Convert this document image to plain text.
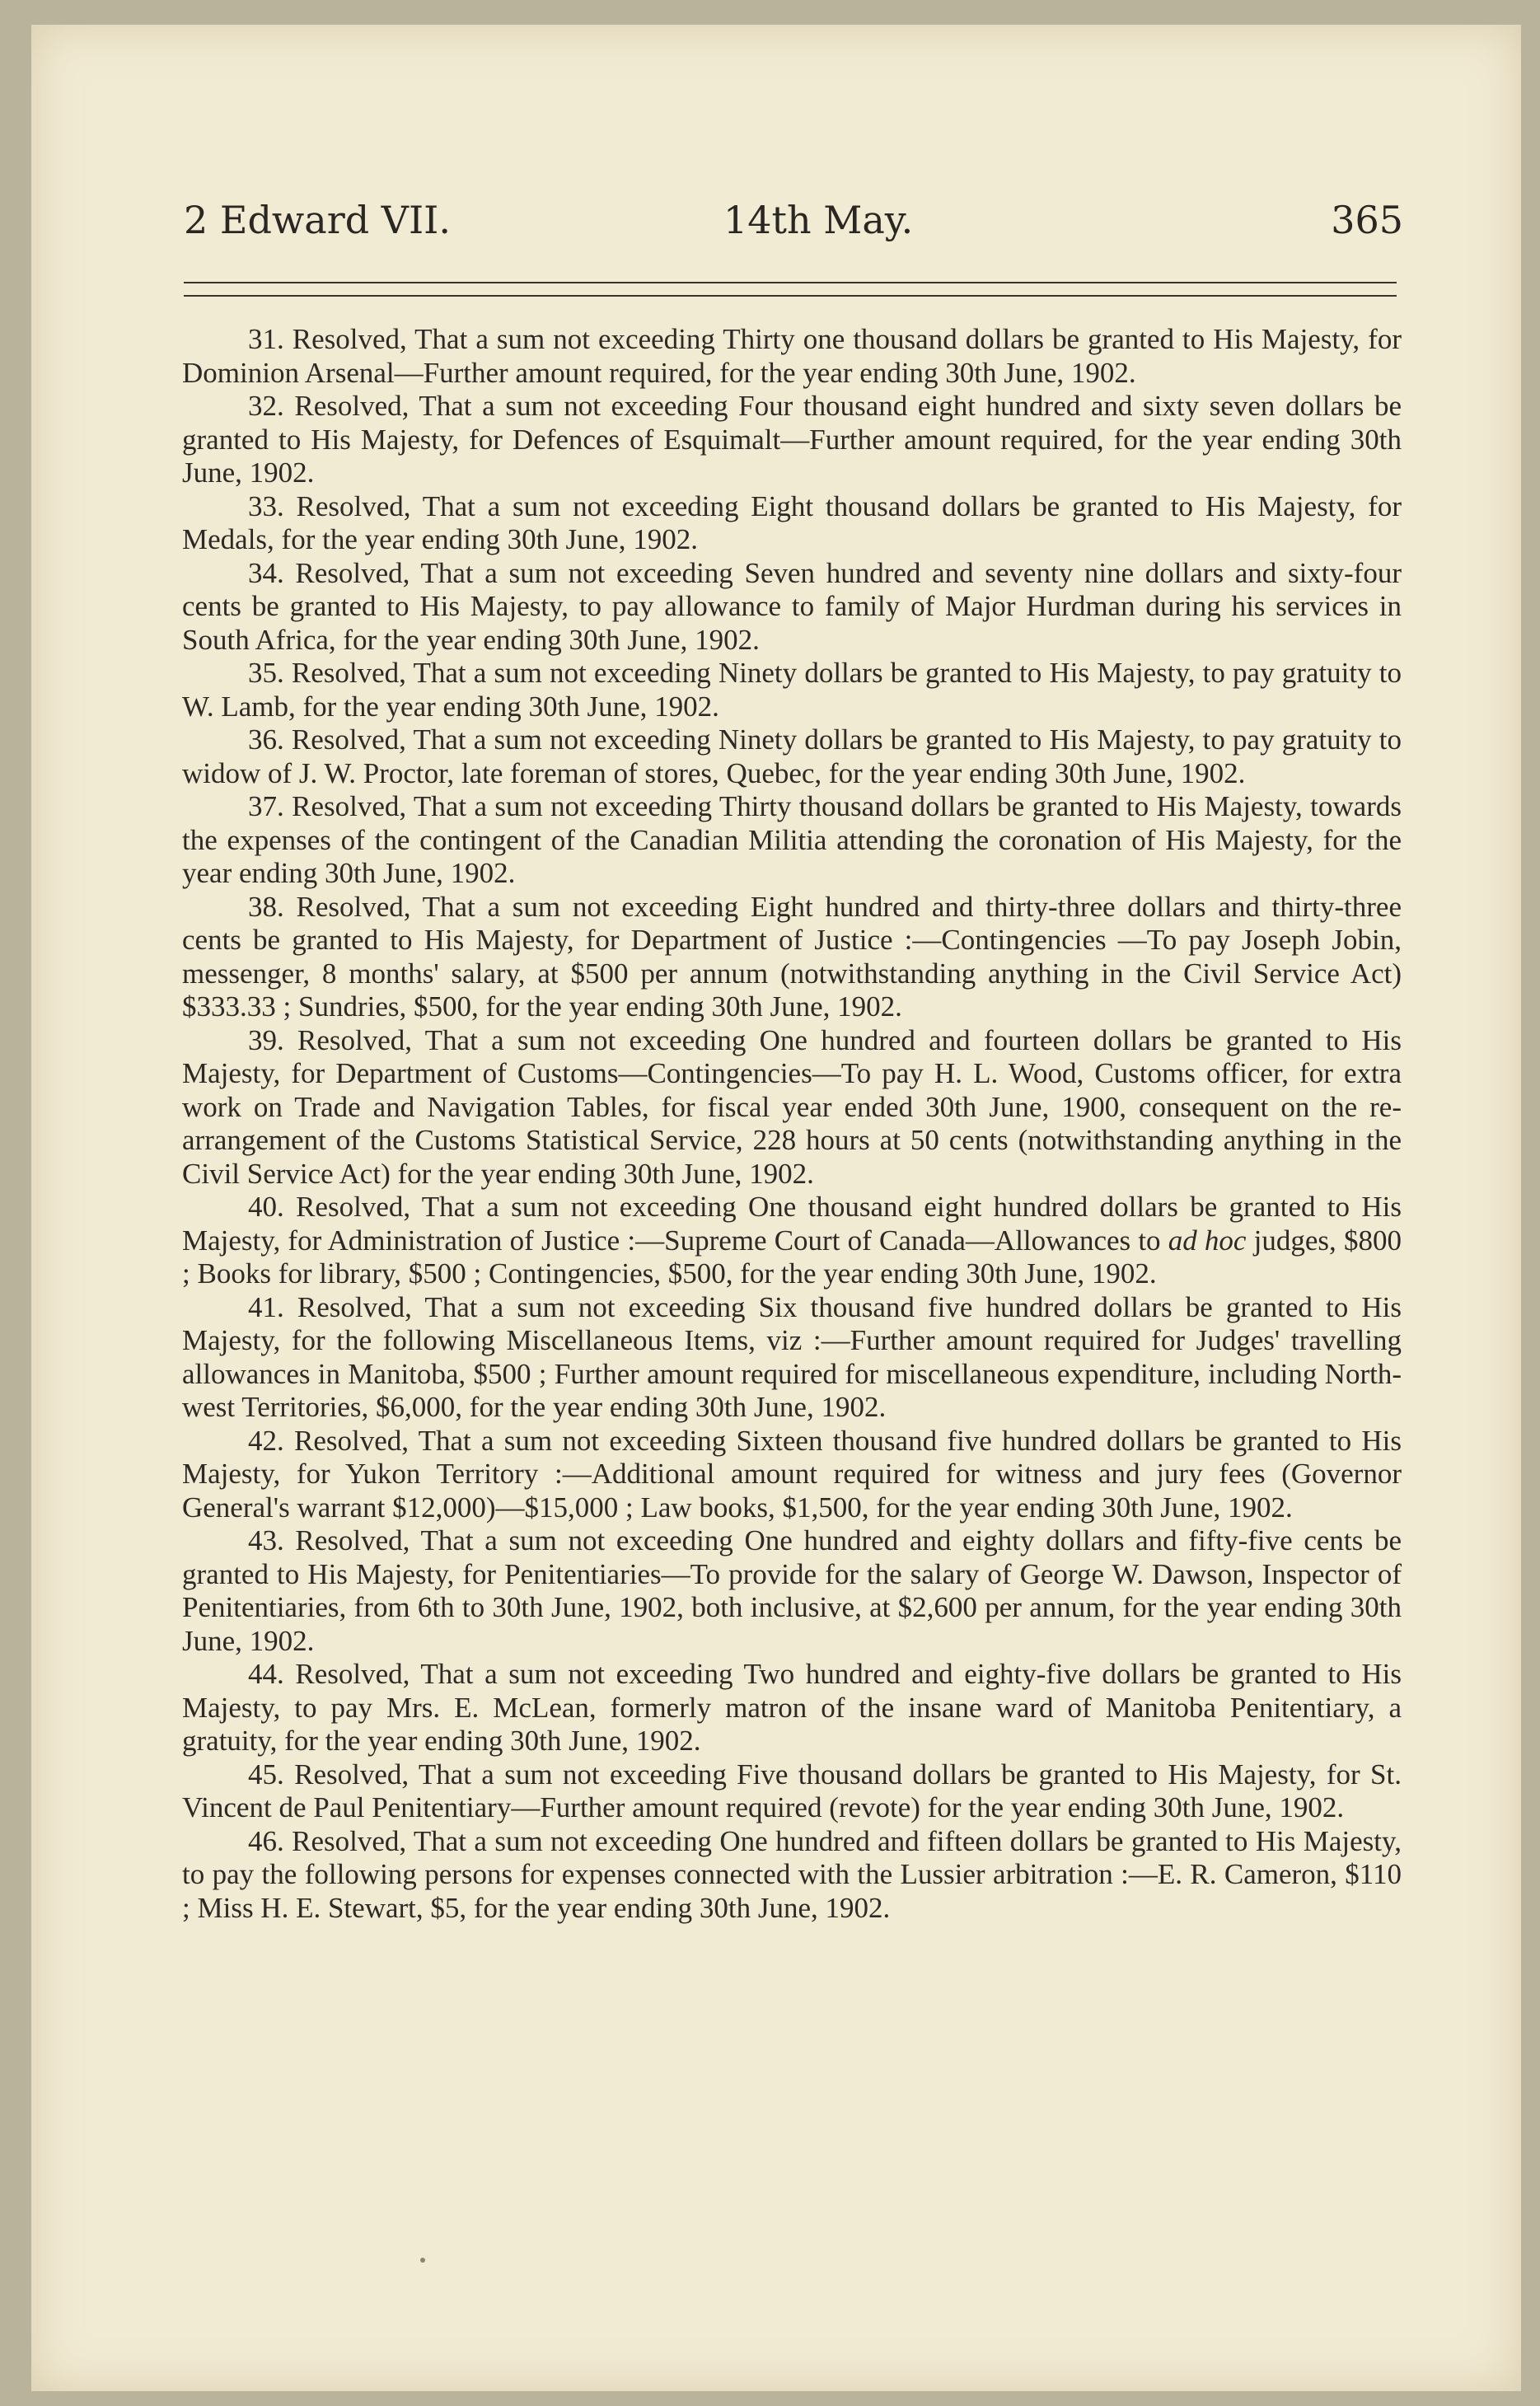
2 Edward VII.	14th May.	365

31. Resolved, That a sum not exceeding Thirty one thousand dollars be granted to His Majesty, for Dominion Arsenal—Further amount required, for the year ending 30th June, 1902.

32. Resolved, That a sum not exceeding Four thousand eight hundred and sixty seven dollars be granted to His Majesty, for Defences of Esquimalt—Further amount required, for the year ending 30th June, 1902.

33. Resolved, That a sum not exceeding Eight thousand dollars be granted to His Majesty, for Medals, for the year ending 30th June, 1902.

34. Resolved, That a sum not exceeding Seven hundred and seventy nine dollars and sixty-four cents be granted to His Majesty, to pay allowance to family of Major Hurdman during his services in South Africa, for the year ending 30th June, 1902.

35. Resolved, That a sum not exceeding Ninety dollars be granted to His Majesty, to pay gratuity to W. Lamb, for the year ending 30th June, 1902.

36. Resolved, That a sum not exceeding Ninety dollars be granted to His Majesty, to pay gratuity to widow of J. W. Proctor, late foreman of stores, Quebec, for the year ending 30th June, 1902.

37. Resolved, That a sum not exceeding Thirty thousand dollars be granted to His Majesty, towards the expenses of the contingent of the Canadian Militia attending the coronation of His Majesty, for the year ending 30th June, 1902.

38. Resolved, That a sum not exceeding Eight hundred and thirty-three dollars and thirty-three cents be granted to His Majesty, for Department of Justice :—Contingencies —To pay Joseph Jobin, messenger, 8 months' salary, at $500 per annum (notwithstanding anything in the Civil Service Act) $333.33 ; Sundries, $500, for the year ending 30th June, 1902.

39. Resolved, That a sum not exceeding One hundred and fourteen dollars be granted to His Majesty, for Department of Customs—Contingencies—To pay H. L. Wood, Customs officer, for extra work on Trade and Navigation Tables, for fiscal year ended 30th June, 1900, consequent on the re-arrangement of the Customs Statistical Service, 228 hours at 50 cents (notwithstanding anything in the Civil Service Act) for the year ending 30th June, 1902.

40. Resolved, That a sum not exceeding One thousand eight hundred dollars be granted to His Majesty, for Administration of Justice :—Supreme Court of Canada—Allowances to ad hoc judges, $800 ; Books for library, $500 ; Contingencies, $500, for the year ending 30th June, 1902.

41. Resolved, That a sum not exceeding Six thousand five hundred dollars be granted to His Majesty, for the following Miscellaneous Items, viz :—Further amount required for Judges' travelling allowances in Manitoba, $500 ; Further amount required for miscellaneous expenditure, including North-west Territories, $6,000, for the year ending 30th June, 1902.

42. Resolved, That a sum not exceeding Sixteen thousand five hundred dollars be granted to His Majesty, for Yukon Territory :—Additional amount required for witness and jury fees (Governor General's warrant $12,000)—$15,000 ; Law books, $1,500, for the year ending 30th June, 1902.

43. Resolved, That a sum not exceeding One hundred and eighty dollars and fifty-five cents be granted to His Majesty, for Penitentiaries—To provide for the salary of George W. Dawson, Inspector of Penitentiaries, from 6th to 30th June, 1902, both inclusive, at $2,600 per annum, for the year ending 30th June, 1902.

44. Resolved, That a sum not exceeding Two hundred and eighty-five dollars be granted to His Majesty, to pay Mrs. E. McLean, formerly matron of the insane ward of Manitoba Penitentiary, a gratuity, for the year ending 30th June, 1902.

45. Resolved, That a sum not exceeding Five thousand dollars be granted to His Majesty, for St. Vincent de Paul Penitentiary—Further amount required (revote) for the year ending 30th June, 1902.

46. Resolved, That a sum not exceeding One hundred and fifteen dollars be granted to His Majesty, to pay the following persons for expenses connected with the Lussier arbitration :—E. R. Cameron, $110 ; Miss H. E. Stewart, $5, for the year ending 30th June, 1902.
